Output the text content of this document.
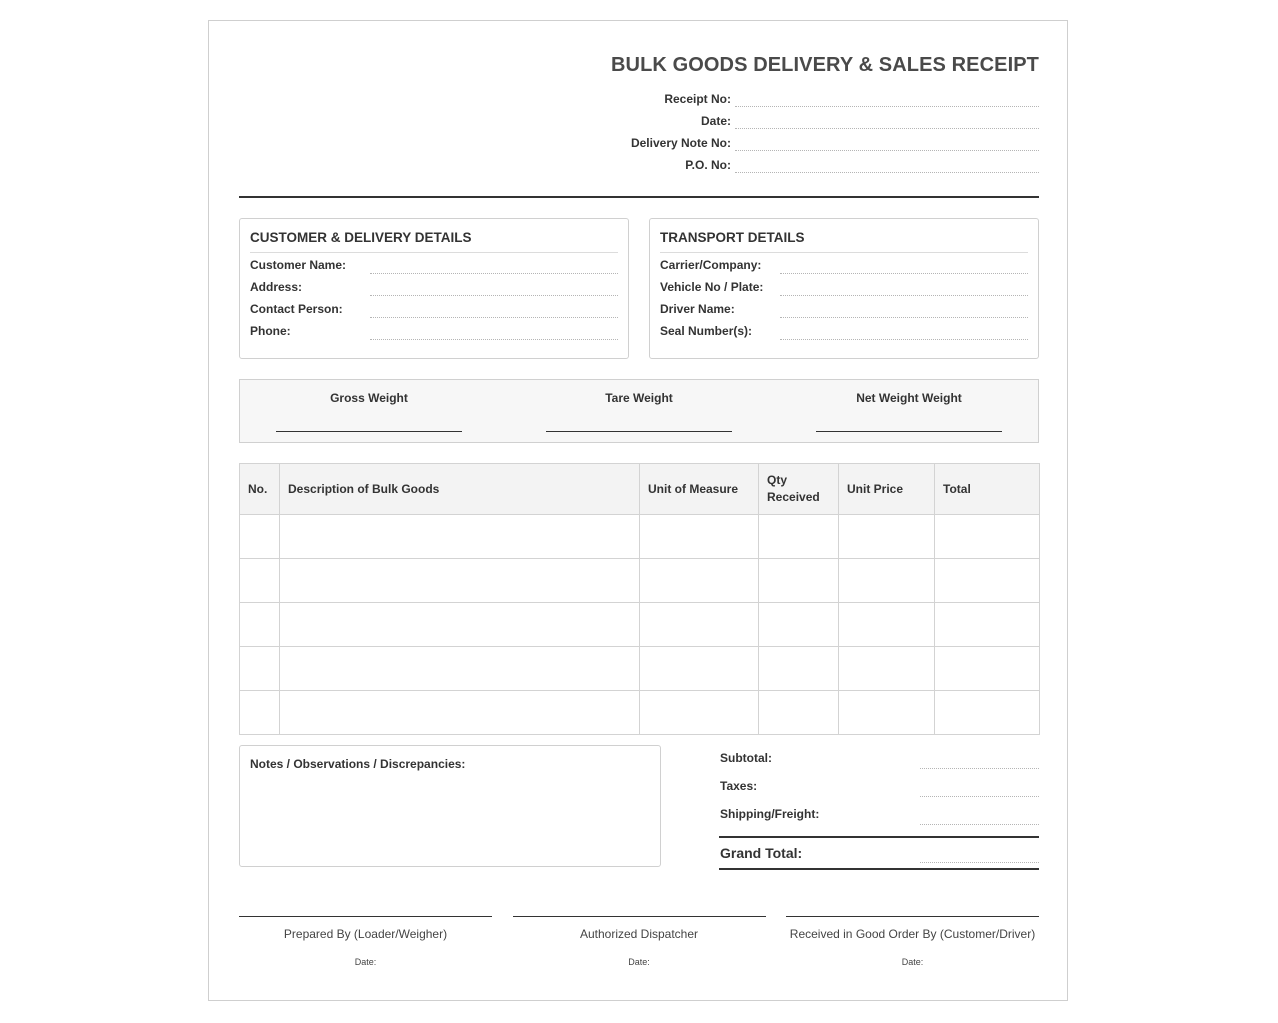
BULK GOODS DELIVERY & SALES RECEIPT
Receipt No:
Date:
Delivery Note No:
P.O. No:
CUSTOMER & DELIVERY DETAILS
Customer Name:
Address:
Contact Person:
Phone:
TRANSPORT DETAILS
Carrier/Company:
Vehicle No / Plate:
Driver Name:
Seal Number(s):
Gross Weight	Tare Weight	Net Weight Weight
No.	Description of Bulk Goods	Unit of Measure	Qty Received	Unit Price	Total

Notes / Observations / Discrepancies:	Subtotal:
Taxes:
Shipping/Freight:
Grand Total:
Prepared By (Loader/Weigher)
Date:
Authorized Dispatcher
Date:
Received in Good Order By (Customer/Driver)
Date:
